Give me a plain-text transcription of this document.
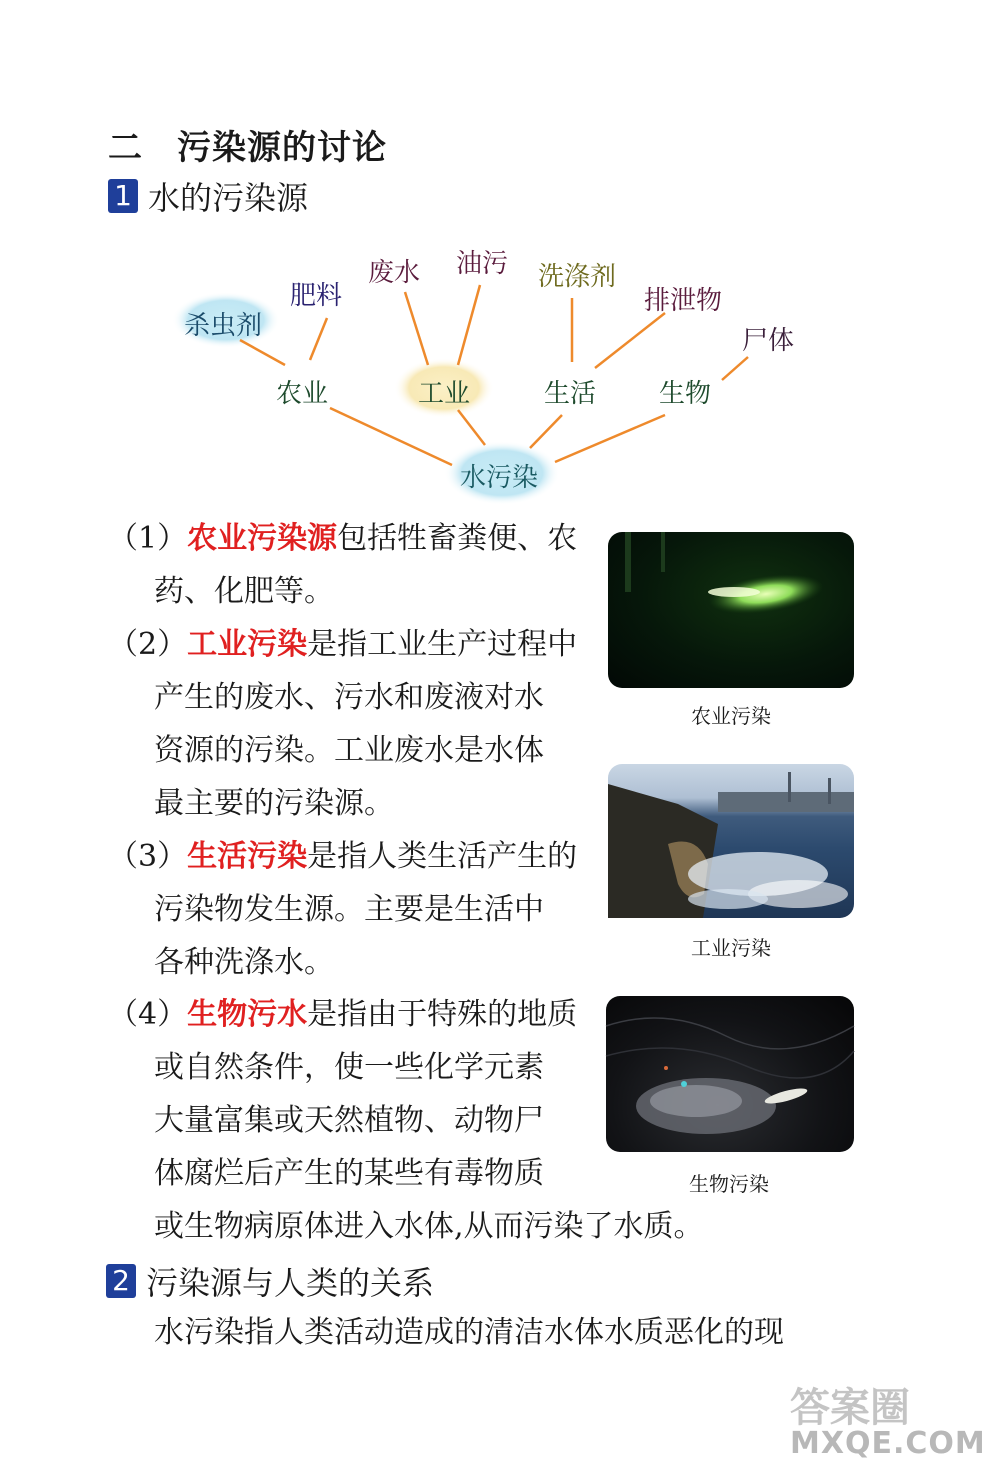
二 污染源的讨论
1 水的污染源
水污染
农业	工业	生活 生物
杀虫剂
肥料
废水 油污 洗涤剂
排泄物
尸体
（1）农业污染源包括牲畜粪便、农
药、化肥等。
（2）工业污染是指工业生产过程中
产生的废水、污水和废液对水
资源的污染。工业废水是水体
最主要的污染源。
（3）生活污染是指人类生活产生的
污染物发生源。主要是生活中
各种洗涤水。
（4）生物污水是指由于特殊的地质
或自然条件，使一些化学元素
大量富集或天然植物、动物尸
体腐烂后产生的某些有毒物质
或生物病原体进入水体,从而污染了水质。
农业污染
工业污染
生物污染
2 污染源与人类的关系
水污染指人类活动造成的清洁水体水质恶化的现
答案圈
MXQE.COM
